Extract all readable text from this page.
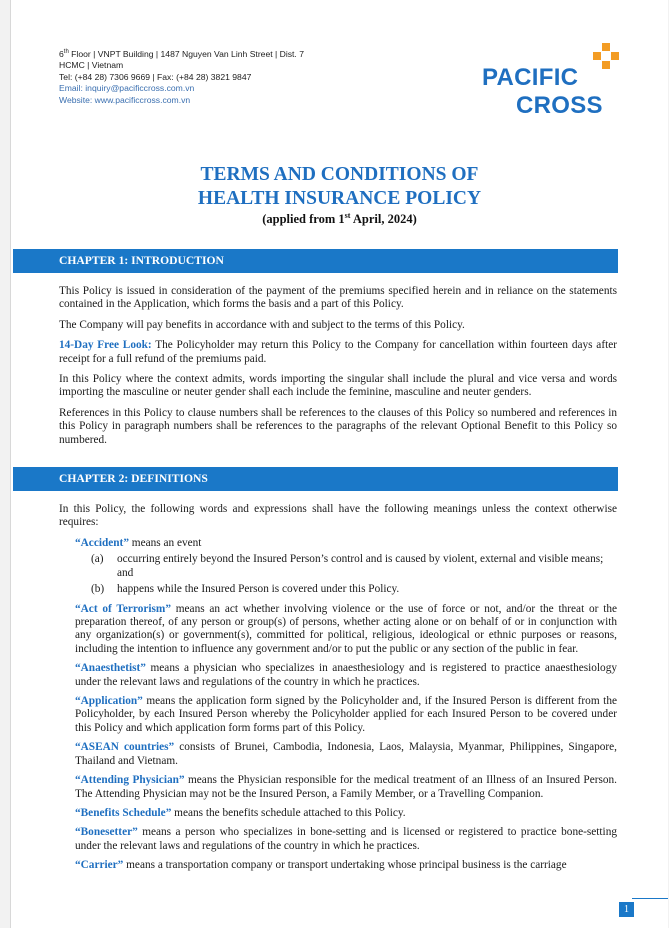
6th Floor | VNPT Building | 1487 Nguyen Van Linh Street | Dist. 7
HCMC | Vietnam
Tel: (+84 28) 7306 9669 | Fax: (+84 28) 3821 9847
Email: inquiry@pacificcross.com.vn
Website: www.pacificcross.com.vn
PACIFIC
CROSS
TERMS AND CONDITIONS OF
HEALTH INSURANCE POLICY
(applied from 1st April, 2024)
CHAPTER 1: INTRODUCTION

This Policy is issued in consideration of the payment of the premiums specified herein and in reliance on the statements contained in the Application, which forms the basis and a part of this Policy.

The Company will pay benefits in accordance with and subject to the terms of this Policy.

14-Day Free Look: The Policyholder may return this Policy to the Company for cancellation within fourteen days after receipt for a full refund of the premiums paid.

In this Policy where the context admits, words importing the singular shall include the plural and vice versa and words importing the masculine or neuter gender shall each include the feminine, masculine and neuter genders.

References in this Policy to clause numbers shall be references to the clauses of this Policy so numbered and references in this Policy in paragraph numbers shall be references to the paragraphs of the relevant Optional Benefit to this Policy so numbered.

CHAPTER 2: DEFINITIONS

In this Policy, the following words and expressions shall have the following meanings unless the context otherwise requires:

“Accident” means an event

(a)	occurring entirely beyond the Insured Person’s control and is caused by violent, external and visible means; and
(b)	happens while the Insured Person is covered under this Policy.

“Act of Terrorism” means an act whether involving violence or the use of force or not, and/or the threat or the preparation thereof, of any person or group(s) of persons, whether acting alone or on behalf of or in conjunction with any organization(s) or government(s), committed for political, religious, ideological or ethnic purposes or reasons, including the intention to influence any government and/or to put the public or any section of the public in fear.

“Anaesthetist” means a physician who specializes in anaesthesiology and is registered to practice anaesthesiology under the relevant laws and regulations of the country in which he practices.

“Application” means the application form signed by the Policyholder and, if the Insured Person is different from the Policyholder, by each Insured Person whereby the Policyholder applied for each Insured Person to be covered under this Policy and which application form forms part of this Policy.

“ASEAN countries” consists of Brunei, Cambodia, Indonesia, Laos, Malaysia, Myanmar, Philippines, Singapore, Thailand and Vietnam.

“Attending Physician” means the Physician responsible for the medical treatment of an Illness of an Insured Person. The Attending Physician may not be the Insured Person, a Family Member, or a Travelling Companion.

“Benefits Schedule” means the benefits schedule attached to this Policy.

“Bonesetter” means a person who specializes in bone-setting and is licensed or registered to practice bone-setting under the relevant laws and regulations of the country in which he practices.

“Carrier” means a transportation company or transport undertaking whose principal business is the carriage

1
